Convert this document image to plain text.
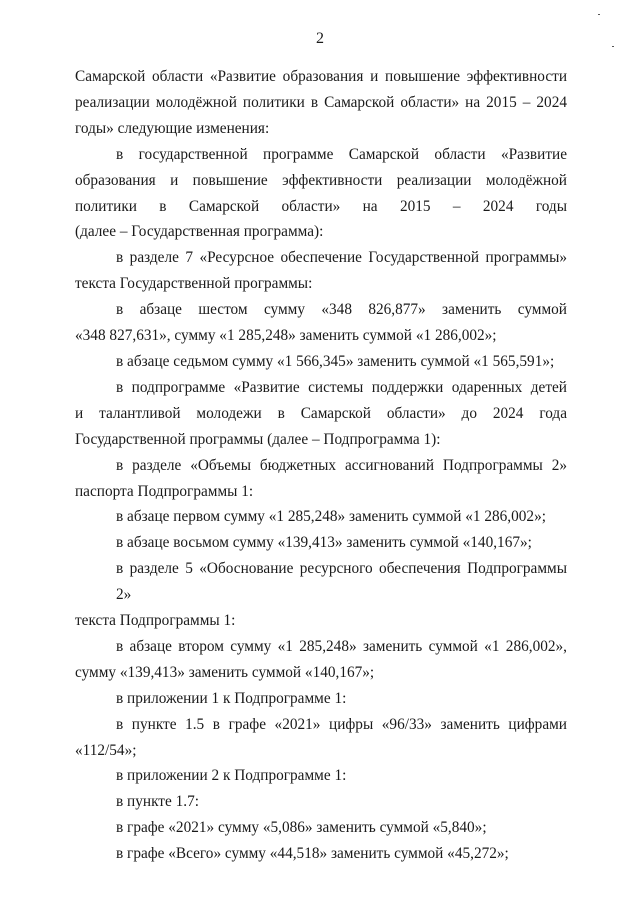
2
Самарской области «Развитие образования и повышение эффективности
реализации молодёжной политики в Самарской области» на 2015 – 2024
годы» следующие изменения:
в государственной программе Самарской области «Развитие
образования и повышение эффективности реализации молодёжной
политики в Самарской области» на 2015 – 2024 годы
(далее – Государственная программа):
в разделе 7 «Ресурсное обеспечение Государственной программы»
текста Государственной программы:
в абзаце шестом сумму «348 826,877» заменить суммой
«348 827,631», сумму «1 285,248» заменить суммой «1 286,002»;
в абзаце седьмом сумму «1 566,345» заменить суммой «1 565,591»;
в подпрограмме «Развитие системы поддержки одаренных детей
и талантливой молодежи в Самарской области» до 2024 года
Государственной программы (далее – Подпрограмма 1):
в разделе «Объемы бюджетных ассигнований Подпрограммы 2»
паспорта Подпрограммы 1:
в абзаце первом сумму «1 285,248» заменить суммой «1 286,002»;
в абзаце восьмом сумму «139,413» заменить суммой «140,167»;
в разделе 5 «Обоснование ресурсного обеспечения Подпрограммы 2»
текста Подпрограммы 1:
в абзаце втором сумму «1 285,248» заменить суммой «1 286,002»,
сумму «139,413» заменить суммой «140,167»;
в приложении 1 к Подпрограмме 1:
в пункте 1.5 в графе «2021» цифры «96/33» заменить цифрами
«112/54»;
в приложении 2 к Подпрограмме 1:
в пункте 1.7:
в графе «2021» сумму «5,086» заменить суммой «5,840»;
в графе «Всего» сумму «44,518» заменить суммой «45,272»;
